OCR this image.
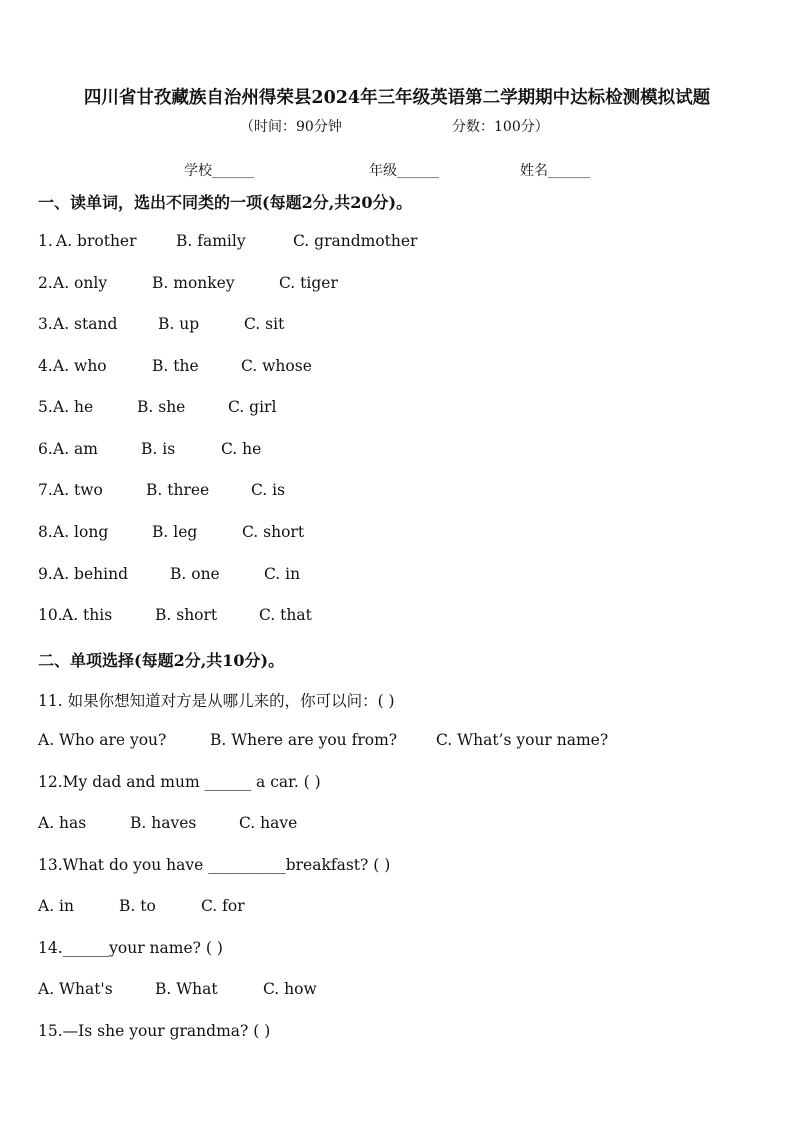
四川省甘孜藏族自治州得荣县2024年三年级英语第二学期期中达标检测模拟试题
（时间：90分钟	分数：100分）
学校______	年级______	姓名______
一、读单词，选出不同类的一项(每题2分,共20分)。
1. A. brother	B. family	C. grandmother
2. A. only	B. monkey	C. tiger
3. A. stand	B. up	C. sit
4. A. who	B. the	C. whose
5. A. he	B. she	C. girl
6. A. am	B. is	C. he
7. A. two	B. three	C. is
8. A. long	B. leg	C. short
9. A. behind	B. one	C. in
10. A. this	B. short	C. that
二、单项选择(每题2分,共10分)。
11. 如果你想知道对方是从哪儿来的，你可以问：( )
A. Who are you?	B. Where are you from?	C. What’s your name?
12.My dad and mum ______ a car. ( )
A. has	B. haves	C. have
13.What do you have __________breakfast? ( )
A. in	B. to	C. for
14.______your name? ( )
A. What's	B. What	C. how
15.—Is she your grandma? ( )
